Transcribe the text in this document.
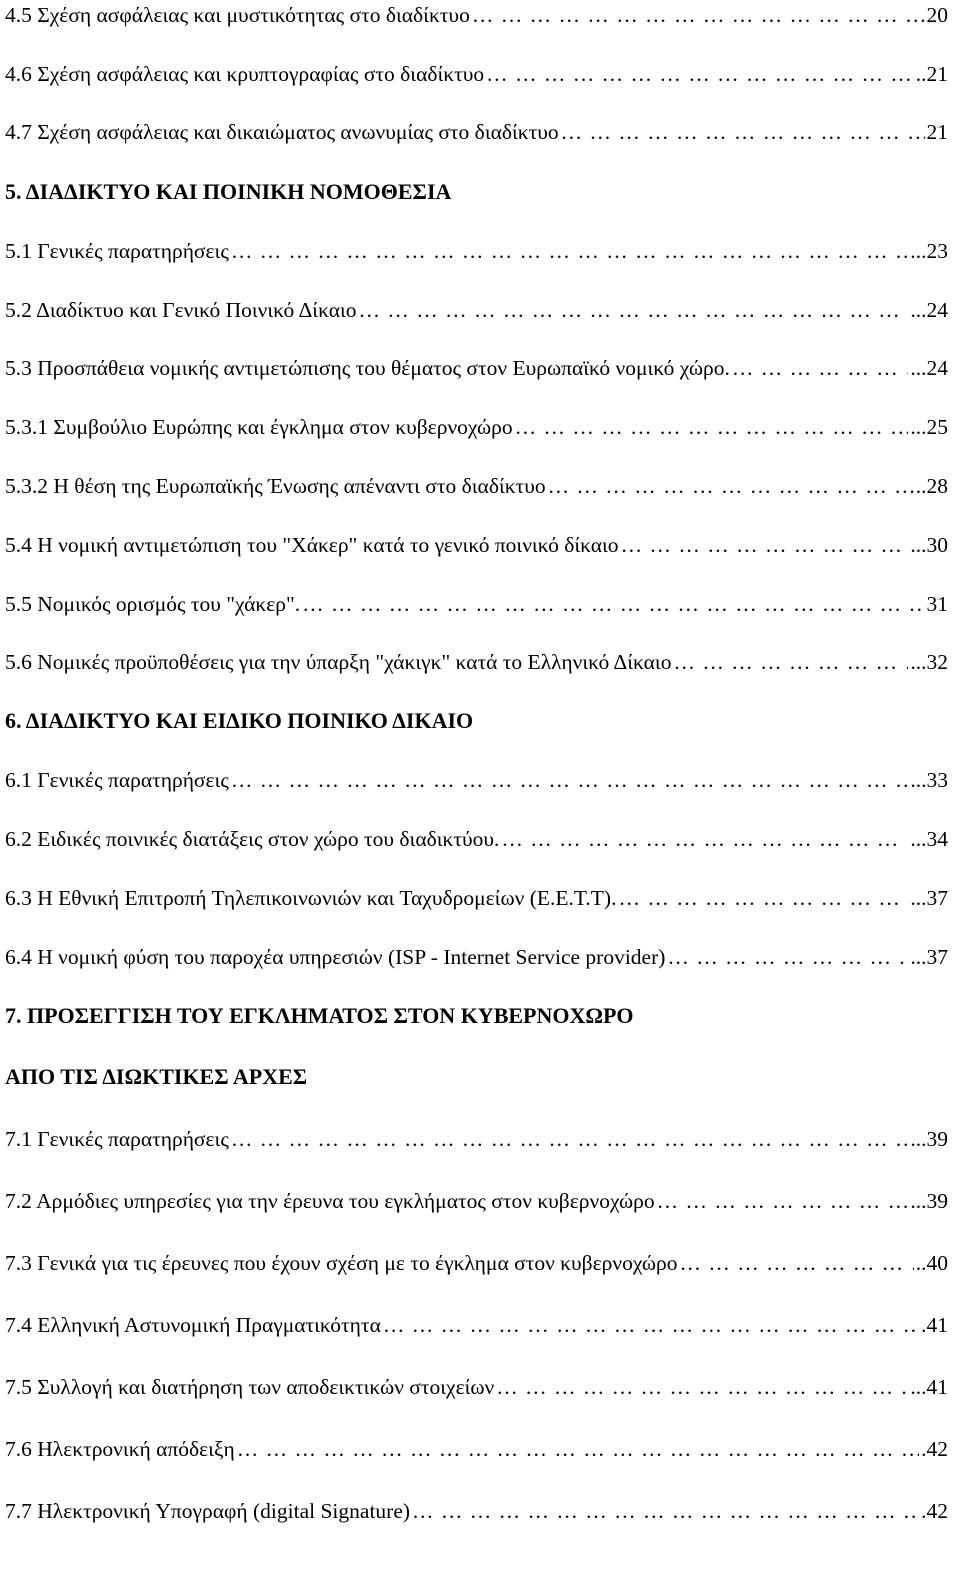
4.5 Σχέση ασφάλειας και μυστικότητας στο διαδίκτυο … … … … … … … … … … … … … … … … … … … … … … … … … … … … … … … … … … … … … … … …	…20
4.6 Σχέση ασφάλειας και κρυπτογραφίας στο διαδίκτυο … … … … … … … … … … … … … … … … … … … … … … … … … … … … … … … … … … … … … … … …	..21
4.7 Σχέση ασφάλειας και δικαιώματος ανωνυμίας στο διαδίκτυο … … … … … … … … … … … … … … … … … … … … … … … … … … … … … … … … … … … … … … … …	21
5. ΔΙΑΔΙΚΤΥΟ ΚΑΙ ΠΟΙΝΙΚΗ ΝΟΜΟΘΕΣΙΑ
5.1 Γενικές παρατηρήσεις … … … … … … … … … … … … … … … … … … … … … … … … … … … … … … … … … … … … … … … …	..23
5.2 Διαδίκτυο και Γενικό Ποινικό Δίκαιο … … … … … … … … … … … … … … … … … … … … … … … … … … … … … … … … … … … … … … … …	...24
5.3 Προσπάθεια νομικής αντιμετώπισης του θέματος στον Ευρωπαϊκό νομικό χώρο. … … … … … … … … … … … … … … … … … … … … … … … … … … … … … … … … … … … … … … … …	...24
5.3.1 Συμβούλιο Ευρώπης και έγκλημα στον κυβερνοχώρο … … … … … … … … … … … … … … … … … … … … … … … … … … … … … … … … … … … … … … … …	...25
5.3.2 Η θέση της Ευρωπαϊκής Ένωσης απέναντι στο διαδίκτυο … … … … … … … … … … … … … … … … … … … … … … … … … … … … … … … … … … … … … … … …	..28
5.4 Η νομική αντιμετώπιση του "Χάκερ" κατά το γενικό ποινικό δίκαιο … … … … … … … … … … … … … … … … … … … … … … … … … … … … … … … … … … … … … … … …	...30
5.5 Νομικός ορισμός του "χάκερ". … … … … … … … … … … … … … … … … … … … … … … … … … … … … … … … … … … … … … … … …	31
5.6 Νομικές προϋποθέσεις για την ύπαρξη "χάκιγκ" κατά το Ελληνικό Δίκαιο … … … … … … … … … … … … … … … … … … … … … … … … … … … … … … … … … … … … … … … …	...32
6. ΔΙΑΔΙΚΤΥΟ ΚΑΙ ΕΙΔΙΚΟ ΠΟΙΝΙΚΟ ΔΙΚΑΙΟ
6.1 Γενικές παρατηρήσεις … … … … … … … … … … … … … … … … … … … … … … … … … … … … … … … … … … … … … … … …	...33
6.2 Ειδικές ποινικές διατάξεις στον χώρο του διαδικτύου. … … … … … … … … … … … … … … … … … … … … … … … … … … … … … … … … … … … … … … … …	...34
6.3 Η Εθνική Επιτροπή Τηλεπικοινωνιών και Ταχυδρομείων (Ε.Ε.Τ.Τ). … … … … … … … … … … … … … … … … … … … … … … … … … … … … … … … … … … … … … … … …	...37
6.4 Η νομική φύση του παροχέα υπηρεσιών (ISP - Internet Service provider) … … … … … … … … … … … … … … … … … … … … … … … … … … … … … … … … … … … … … … … …	...37
7. ΠΡΟΣΕΓΓΙΣΗ ΤΟΥ ΕΓΚΛΗΜΑΤΟΣ ΣΤΟΝ ΚΥΒΕΡΝΟΧΩΡΟ
ΑΠΟ ΤΙΣ ΔΙΩΚΤΙΚΕΣ ΑΡΧΕΣ
7.1 Γενικές παρατηρήσεις … … … … … … … … … … … … … … … … … … … … … … … … … … … … … … … … … … … … … … … …	...39
7.2 Αρμόδιες υπηρεσίες για την έρευνα του εγκλήματος στον κυβερνοχώρο … … … … … … … … … … … … … … … … … … … … … … … … … … … … … … … … … … … … … … … …	...39
7.3 Γενικά για τις έρευνες που έχουν σχέση με το έγκλημα στον κυβερνοχώρο … … … … … … … … … … … … … … … … … … … … … … … … … … … … … … … … … … … … … … … …	..40
7.4 Ελληνική Αστυνομική Πραγματικότητα … … … … … … … … … … … … … … … … … … … … … … … … … … … … … … … … … … … … … … … …	.41
7.5 Συλλογή και διατήρηση των αποδεικτικών στοιχείων … … … … … … … … … … … … … … … … … … … … … … … … … … … … … … … … … … … … … … … …	...41
7.6 Ηλεκτρονική απόδειξη … … … … … … … … … … … … … … … … … … … … … … … … … … … … … … … … … … … … … … … …	.42
7.7 Ηλεκτρονική Υπογραφή (digital Signature) … … … … … … … … … … … … … … … … … … … … … … … … … … … … … … … … … … … … … … … …	.42
